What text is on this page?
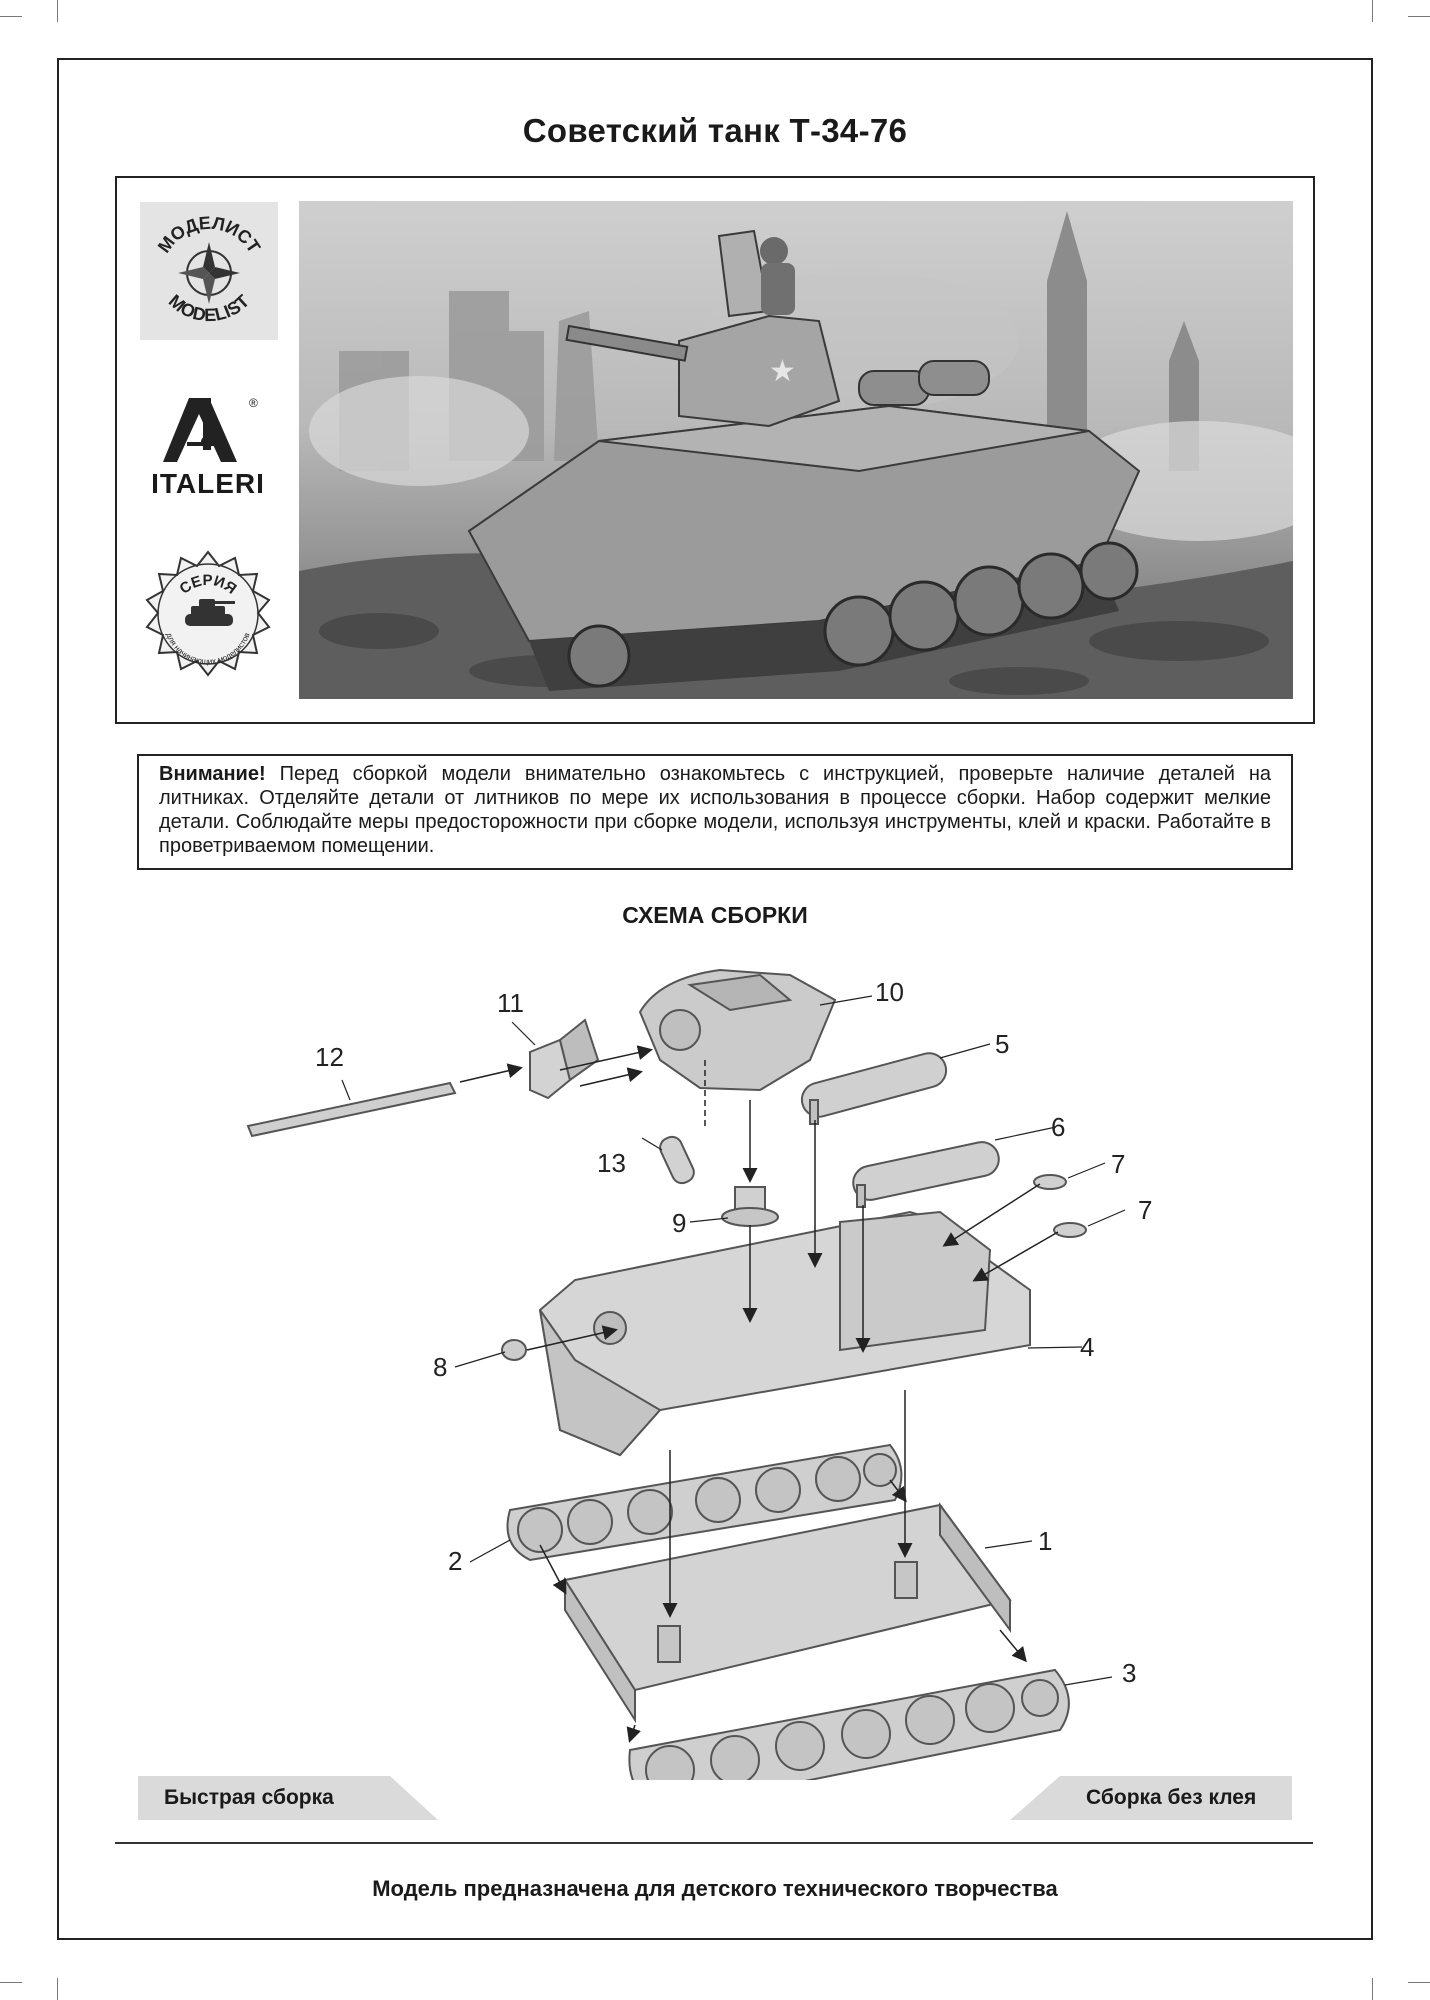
Советский танк Т-34-76
МОДЕЛИСТ
MODELIST
®
ITALERI
СЕРИЯ
для начинающих моделистов
★
Внимание! Перед сборкой модели внимательно ознакомьтесь с инструкцией, проверьте наличие деталей на литниках. Отделяйте детали от литников по мере их использования в процессе сборки. Набор содержит мелкие детали. Соблюдайте меры предосторожности при сборке модели, используя инструменты, клей и краски. Работайте в проветриваемом помещении.
СХЕМА СБОРКИ
1
2
3
4
5
6
7
7
8
9
10
11
12
13
Быстрая сборка	Сборка без клея
Модель предназначена для детского технического творчества
